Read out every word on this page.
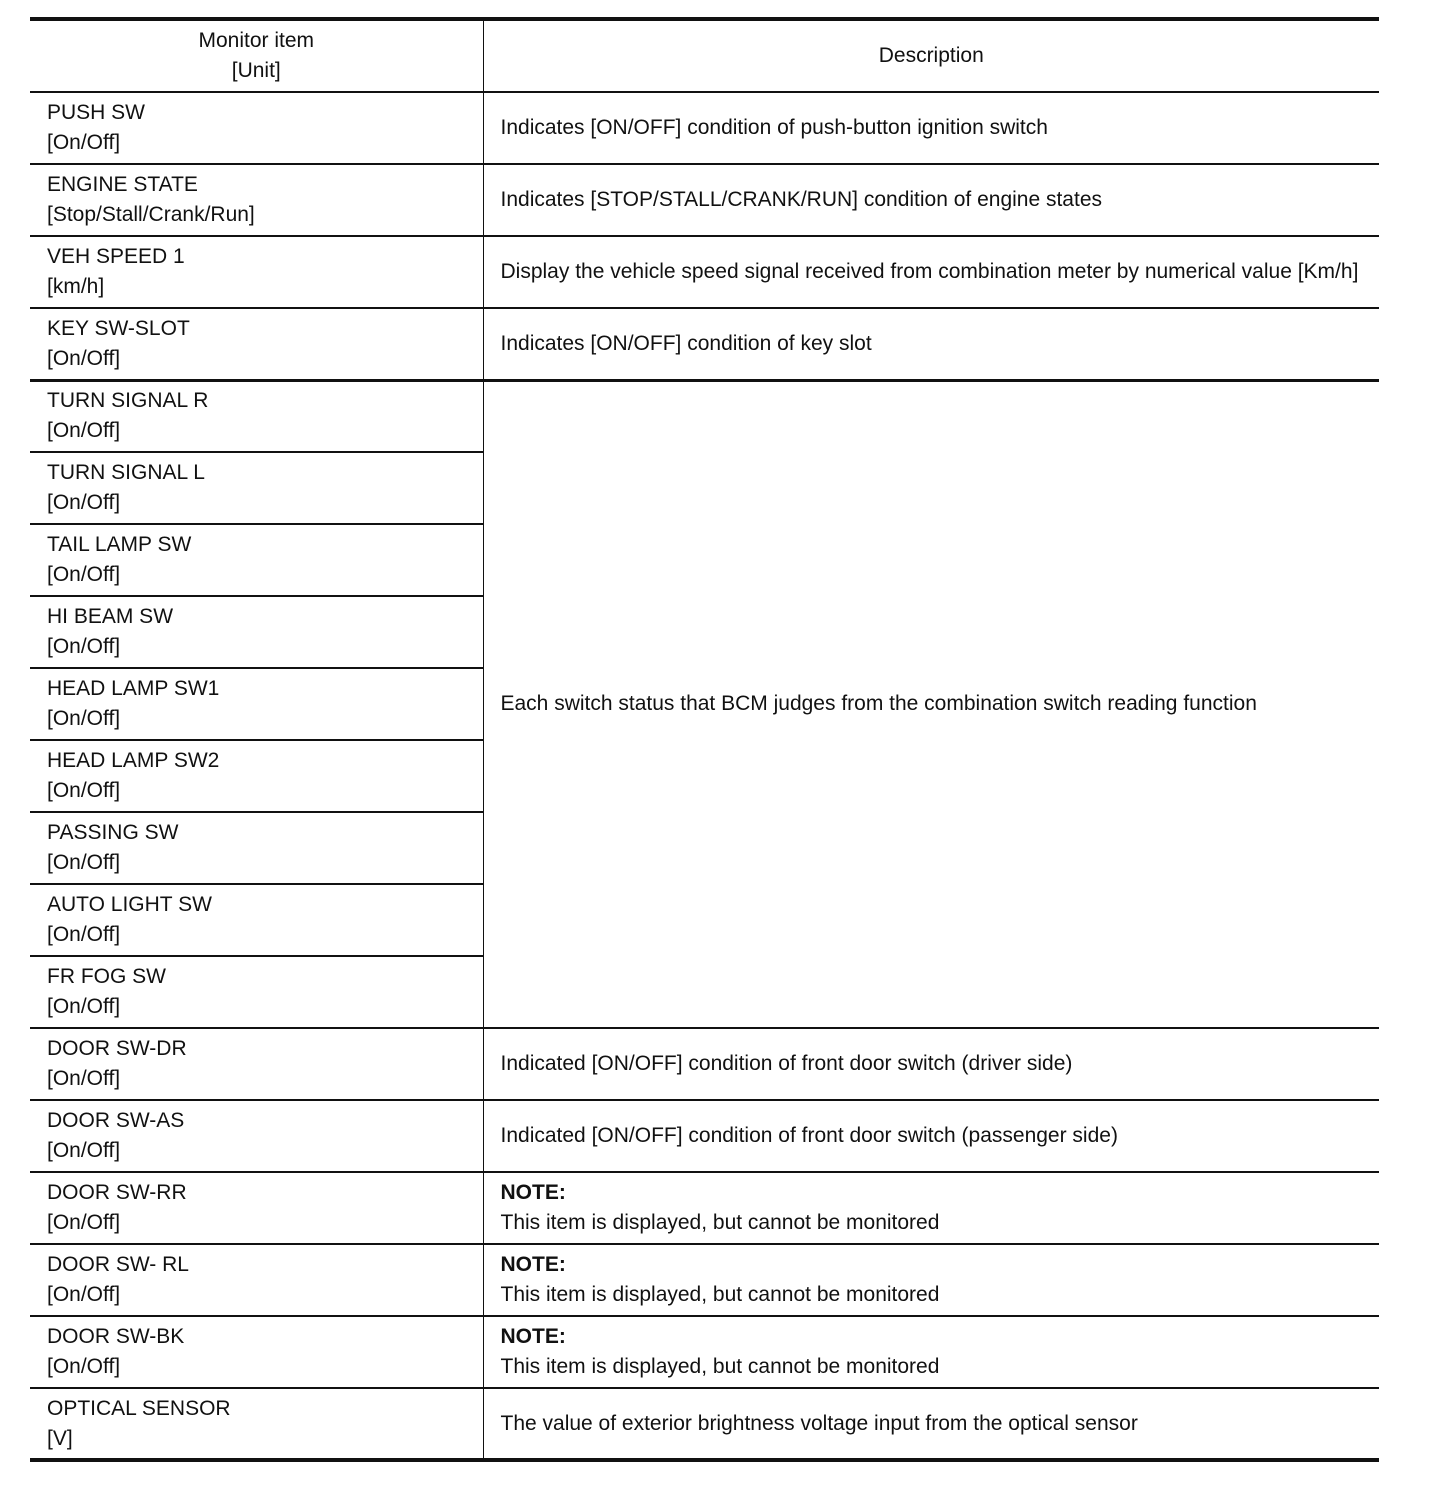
Monitor item
[Unit]	Description

PUSH SW
[On/Off]	Indicates [ON/OFF] condition of push-button ignition switch

ENGINE STATE
[Stop/Stall/Crank/Run]	Indicates [STOP/STALL/CRANK/RUN] condition of engine states

VEH SPEED 1
[km/h]	Display the vehicle speed signal received from combination meter by numerical value [Km/h]

KEY SW-SLOT
[On/Off]	Indicates [ON/OFF] condition of key slot

TURN SIGNAL R
[On/Off]	Each switch status that BCM judges from the combination switch reading function

TURN SIGNAL L
[On/Off]	

TAIL LAMP SW
[On/Off]	

HI BEAM SW
[On/Off]	

HEAD LAMP SW1
[On/Off]	

HEAD LAMP SW2
[On/Off]	

PASSING SW
[On/Off]	

AUTO LIGHT SW
[On/Off]	

FR FOG SW
[On/Off]	

DOOR SW-DR
[On/Off]	Indicated [ON/OFF] condition of front door switch (driver side)

DOOR SW-AS
[On/Off]	Indicated [ON/OFF] condition of front door switch (passenger side)

DOOR SW-RR
[On/Off]	NOTE:
This item is displayed, but cannot be monitored

DOOR SW- RL
[On/Off]	NOTE:
This item is displayed, but cannot be monitored

DOOR SW-BK
[On/Off]	NOTE:
This item is displayed, but cannot be monitored

OPTICAL SENSOR
[V]	The value of exterior brightness voltage input from the optical sensor
